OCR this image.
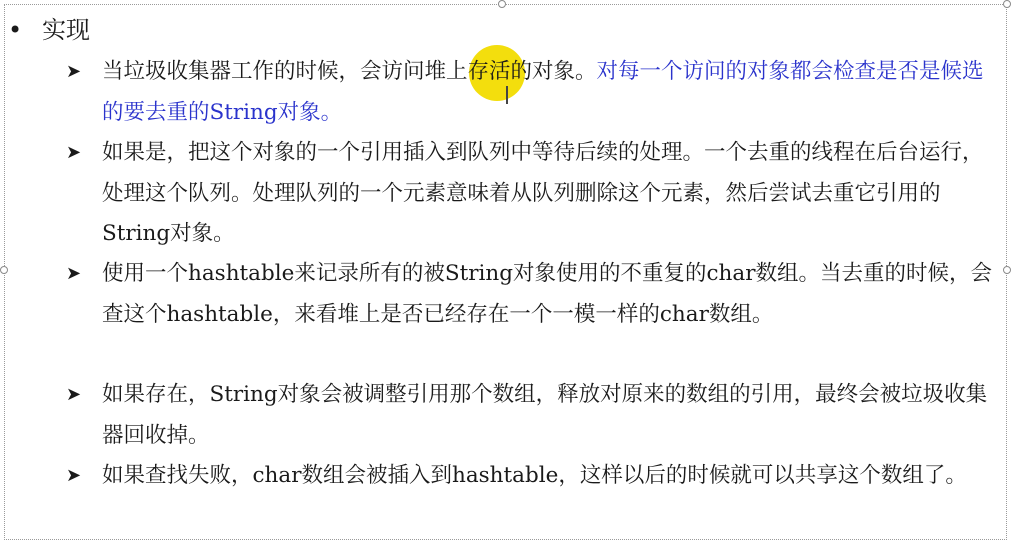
• 实现
➤ 当垃圾收集器工作的时候，会访问堆上存活的对象。对每一个访问的对象都会检查是否是候选的要去重的String对象。
➤ 如果是，把这个对象的一个引用插入到队列中等待后续的处理。一个去重的线程在后台运行，处理这个队列。处理队列的一个元素意味着从队列删除这个元素，然后尝试去重它引用的String对象。
➤ 使用一个hashtable来记录所有的被String对象使用的不重复的char数组。当去重的时候，会查这个hashtable，来看堆上是否已经存在一个一模一样的char数组。
➤ 如果存在，String对象会被调整引用那个数组，释放对原来的数组的引用，最终会被垃圾收集器回收掉。
➤ 如果查找失败，char数组会被插入到hashtable，这样以后的时候就可以共享这个数组了。
